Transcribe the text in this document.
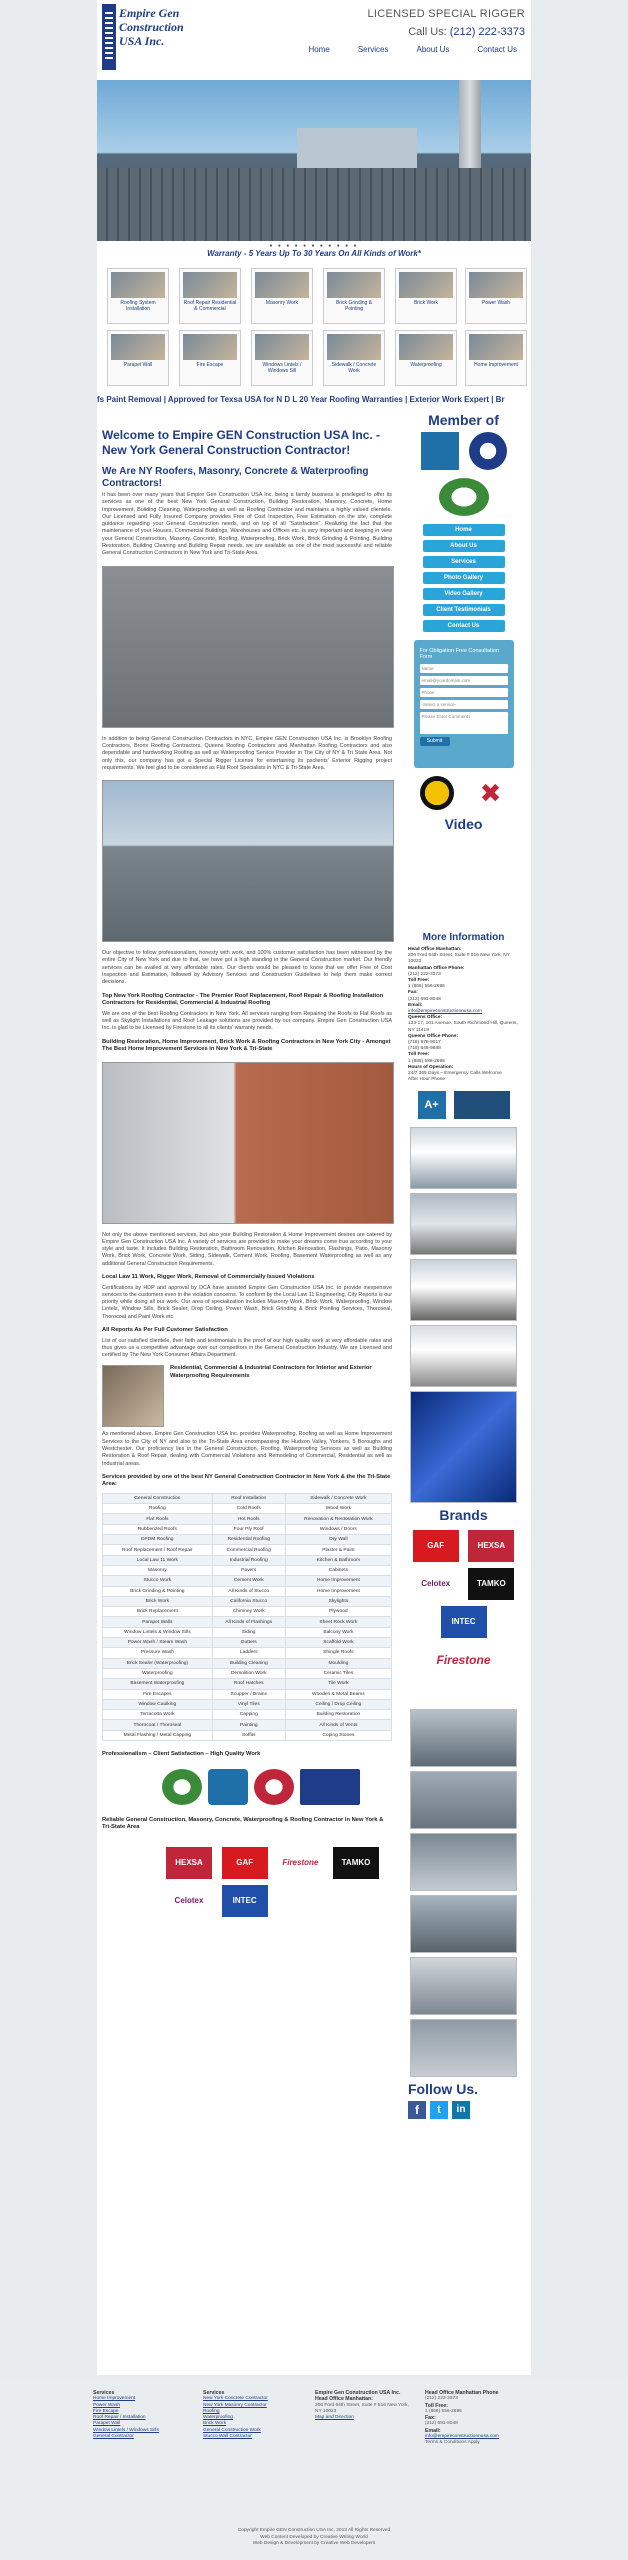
Empire Gen Construction USA Inc.
LICENSED SPECIAL RIGGER
Call Us: (212) 222-3373
Home	Services	About Us	Contact Us
● ● ● ● ● ● ● ● ● ● ●
Warranty - 5 Years Up To 30 Years On All Kinds of Work*
Roofing System Installation
Roof Repair Residential & Commercial
Masonry Work	Brick Grinding & Pointing
Brick Work	Power Wash
Parapet Wall	Fire Escape	Windows Lintels / Windows Sill
Sidewalk / Concrete Work
Waterproofing	Home Improvement
fs Paint Removal | Approved for Texsa USA for N D L 20 Year Roofing Warranties | Exterior Work Expert | Br
Welcome to Empire GEN Construction USA Inc. - New York General Construction Contractor!
We Are NY Roofers, Masonry, Concrete & Waterproofing Contractors!

It has been over many years that Empire Gen Construction USA Inc. being a family business is privileged to offer its services as one of the best New York General Construction, Building Restoration, Masonry, Concrete, Home Improvement, Building Cleaning, Waterproofing as well as Roofing Contractor and maintains a highly valued clientele. Our Licensed and Fully Insured Company provides Free of Cost Inspection, Free Estimation on the site, complete guidance regarding your General Construction needs, and on top of all "Satisfaction". Realizing the fact that the maintenance of your Houses, Commercial Buildings, Warehouses and Offices etc. is very important and keeping in view your General Construction, Masonry, Concrete, Roofing, Waterproofing, Brick Work, Brick Grinding & Pointing, Building Restoration, Building Cleaning and Building Repair needs, we are available as one of the most successful and reliable General Construction Contractors in New York and Tri-State Area.

In addition to being General Construction Contractors in NYC, Empire GEN Construction USA Inc. is Brooklyn Roofing Contractors, Bronx Roofing Contractors, Queens Roofing Contractors and Manhattan Roofing Contractors and also dependable and hardworking Roofing as well as Waterproofing Service Provider in The City of NY & Tri State Area. Not only this, our company has got a Special Rigger License for entertaining its psclients' Exterior Rigging project requirements. We feel glad to be considered as Flat Roof Specialists in NYC & Tri-State Area.

Our objective to follow professionalism, honesty with work, and 100% customer satisfaction has been witnessed by the entire City of New York and due to that, we have got a high standing in the General Construction market. Our friendly services can be availed at very affordable rates. Our clients would be pleased to know that we offer Free of Cost Inspection and Estimation, followed by Advisory Services and Construction Guidelines to help them make correct decisions.

Top New York Roofing Contractor - The Premier Roof Replacement, Roof Repair & Roofing Installation Contractors for Residential, Commercial & Industrial Roofing

We are one of the best Roofing Contractors in New York. All services ranging from Repairing the Roofs to Flat Roofs as well as Skylight Installations and Roof Leakage solutions are provided by our company. Empire Gen Construction USA Inc. is glad to be Licensed by Firestone to all its clients' warranty needs.

Building Restoration, Home Improvement, Brick Work & Roofing Contractors in New York City - Amongst The Best Home Improvement Services in New York & Tri-State

Not only the above mentioned services, but also your Building Restoration & Home Improvement desires are catered by Empire Gen Construction USA Inc. A variety of services are provided to make your dreams come true according to your style and taste. It includes Building Restoration, Bathroom Renovation, Kitchen Renovation, Flashings, Patio, Masonry Work, Brick Work, Concrete Work, Siding, Sidewalk, Cement Work, Roofing, Basement Waterproofing as well as any additional General Construction Requirements.

Local Law 11 Work, Rigger Work, Removal of Commercially Issued Violations

Certifications by HDP and approval by DCA have assisted Empire Gen Construction USA Inc. to provide inexpensive services to the customers even in the violation concerns. To conform by the Local Law 11 Engineering, City Reports is our priority while doing all our work. Our area of specialization includes Masonry Work, Brick Work, Waterproofing, Window Lintels, Window Sills, Brick Sealer, Drop Ceiling, Power Wash, Brick Grinding & Brick Pointing Services, Thoroseal, Thorocoat and Paint Work etc.

All Reports As Per Full Customer Satisfaction

List of our satisfied clientele, their faith and testimonials is the proof of our high quality work at very affordable rates and thus gives us a competitive advantage over our competitors in the General Construction Industry. We are Licensed and certified by The New York Consumer Affairs Department.

Residential, Commercial & Industrial Contractors for Interior and Exterior Waterproofing Requirements

As mentioned above, Empire Gen Construction USA Inc. provides Waterproofing, Roofing as well as Home Improvement Services to the City of NY and also to the Tri-State Area encompassing the Hudson Valley, Yonkers, 5 Boroughs and Westchester. Our proficiency lies in the General Construction, Roofing, Waterproofing Services as well as Building Restoration & Roof Repair, dealing with Commercial Violations and Remodeling of Commercial, Residential as well as Industrial areas.

Services provided by one of the best NY General Construction Contractor in New York & the the Tri-State Area:
General Construction	Roof Installation	Sidewalk / Concrete Work
Roofing	Cold Roofs	Wood Work
Flat Roofs	Hot Roofs	Renovation & Restoration Work
Rubberized Roofs	Four Ply Roof	Windows / Doors
EPDM Roofing	Residential Roofing	Dry Wall
Roof Replacement / Roof Repair	Commercial Roofing	Plaster & Paint
Local Law 11 Work	Industrial Roofing	Kitchen & Bathroom
Masonry	Pavers	Cabinets
Stucco Work	Cement Work	Home Improvement
Brick Grinding & Pointing	All Kinds of Stucco	Home Improvement
Brick Work	California Stucco	Skylights
Brick Replacement	Chimney Work	Plywood
Parapet Walls	All Kinds of Flashings	Sheet Rock Work
Window Lintels & Window Sills	Siding	Balcony Work
Power Wash / Steam Wash	Gutters	Scaffold Work
Pressure Wash	Ladders	Shingle Roofs
Brick Sealer (Waterproofing)	Building Cleaning	Moulding
Waterproofing	Demolition Work	Ceramic Tiles
Basement Waterproofing	Roof Hatches	Tile Work
Fire Escapes	Scupper / Drains	Wooden & Metal Beams
Window Caulking	Vinyl Tiles	Ceiling / Drop Ceiling
Terracotta Work	Capping	Building Restoration
Thorocoat / Thoroseal	Painting	All Kinds of Vents
Metal Flashing / Metal Capping	Soffits	Coping Stones
Professionalism – Client Satisfaction – High Quality Work
Reliable General Construction, Masonry, Concrete, Waterproofing & Roofing Contractor in New York & Tri-State Area
HEXSA	GAF	Firestone	TAMKO Celotex	INTEC
Member of
Home
About Us
Services
Photo Gallery
Video Gallery
Client Testimonials
Contact Us
For Obligation Free Consultation Form
Name
email@yourdomain.com
Phone
-Select a service-
Please Enter Comments
Submit
✖
Video
More Information
Head Office Manhattan:
206 Ford 64th Street, Suite # 516 New York, NY 10023
Manhattan Office Phone:
(212) 222-3373
Toll Free:
1 (866) 556-2696
Fax:
(212) 691-8048
Email:
info@empireconstructionnusa.com
Queens Office:
133-17, 101 Avenue, South Richmond Hill, Queens, NY 11419
Queens Office Phone:
(718) 978-9017
(718) 848-9888
Toll Free:
1 (888) 588-2696
Hours of Operation:
24/7 365 Days – Emergency Calls Welcome
After Hour Phone
A+
Brands
GAF	HEXSA Celotex	TAMKO INTEC Firestone
Follow Us.
f	t	in
Services
Home Improvement
Power Wash
Fire Escape
Roof Repair / Installation
Parapet Wall
Window Lintels / Windows Sills
General Contractor
Services
New York Concrete Contractor
New York Masonry Contractor
Roofing
Waterproofing
Brick Work
General Construction Work
Stucco Wall Contractor
Empire Gen Construction USA Inc.
Head Office Manhattan:
206 Ford 64th Street, Suite # 516 New York, NY 10023
Map and Direction
Head Office Manhattan Phone
(212) 222-3373
Toll Free:
1 (866) 556-2696
Fax:
(212) 691-8048
Email:
info@empireconstructionnusa.com
Terms & Conditions Apply
Copyright Empire GEN Construction USA Inc. 2013 All Rights Reserved
Web Content Developed by Creative Writing World
Web Design & Development by Creative Web Developers
